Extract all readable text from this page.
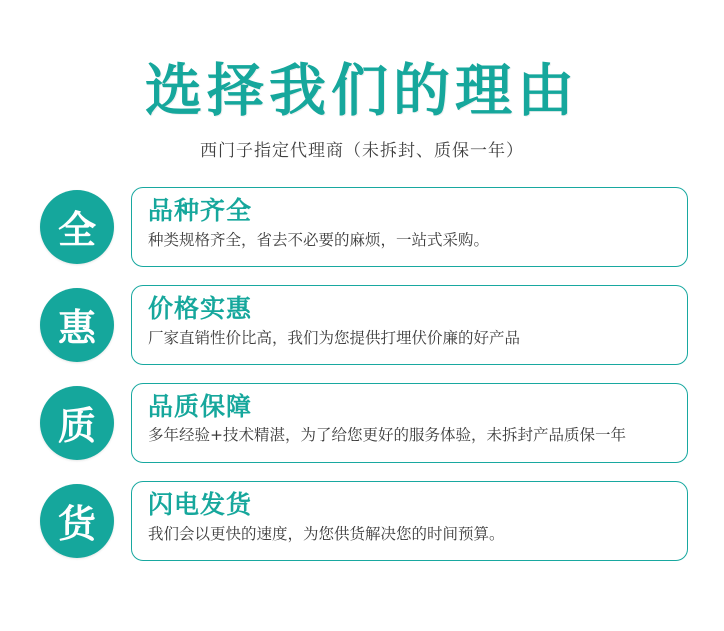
选择我们的理由

西门子指定代理商（未拆封、质保一年）

全	品种齐全
种类规格齐全，省去不必要的麻烦，一站式采购。
惠	价格实惠
厂家直销性价比高，我们为您提供打埋伏价廉的好产品
质	品质保障
多年经验+技术精湛，为了给您更好的服务体验，未拆封产品质保一年
货	闪电发货
我们会以更快的速度，为您供货解决您的时间预算。
